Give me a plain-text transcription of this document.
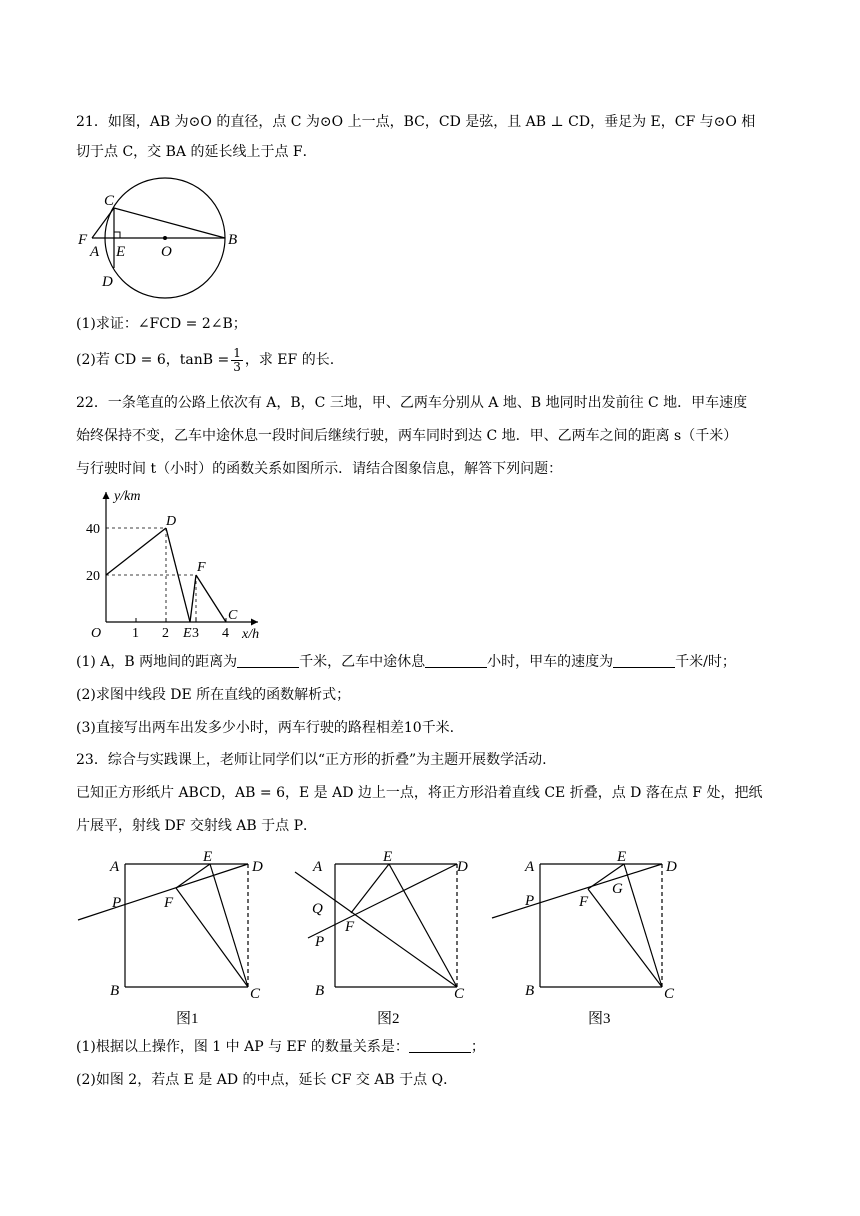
21．如图，AB 为⊙O 的直径，点 C 为⊙O 上一点，BC，CD 是弦，且 AB ⊥ CD，垂足为 E，CF 与⊙O 相
切于点 C，交 BA 的延长线上于点 F．
C
F
A E O
B
D
(1)求证：∠FCD = 2∠B；
(2)若 CD = 6，$\tan B = \frac{1}{3}$ ，求 EF 的长.
22．一条笔直的公路上依次有 A，B，C 三地，甲、乙两车分别从 A 地、B 地同时出发前往 C 地．甲车速度
始终保持不变，乙车中途休息一段时间后继续行驶，两车同时到达 C 地．甲、乙两车之间的距离 s（千米）
与行驶时间 t（小时）的函数关系如图所示．请结合图象信息，解答下列问题：
1 2 3 4
20
40
D
E
F
C
y/km
x/h
O
(1) A，B 两地间的距离为	千米，乙车中途休息	小时，甲车的速度为	千米/时；
(2)求图中线段 DE 所在直线的函数解析式；
(3)直接写出两车出发多少小时，两车行驶的路程相差10千米.
23．综合与实践课上，老师让同学们以“正方形的折叠”为主题开展数学活动.
已知正方形纸片 ABCD，AB = 6，E 是 AD 边上一点，将正方形沿着直线 CE 折叠，点 D 落在点 F 处，把纸
片展平，射线 DF 交射线 AB 于点 P．
A
E
D
P	F
B	C
图1
A
E
D
Q
F
P
B	C
图2
A
E
D
G
P	F
B	C
图3
(1)根据以上操作，图 1 中 AP 与 EF 的数量关系是：	；
(2)如图 2，若点 E 是 AD 的中点，延长 CF 交 AB 于点 Q．
